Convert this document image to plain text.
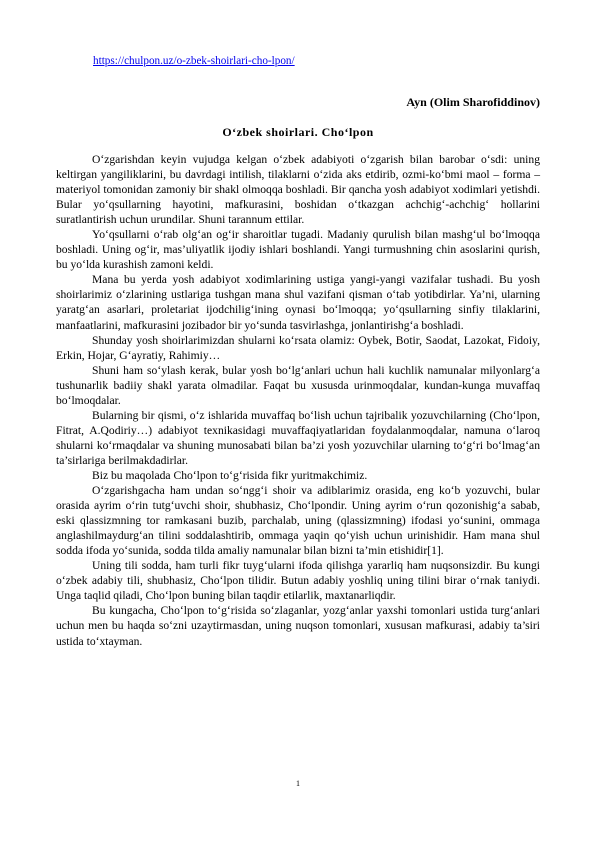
https://chulpon.uz/o-zbek-shoirlari-cho-lpon/
Ayn (Olim Sharofiddinov)
O‘zbek shoirlari. Cho‘lpon

O‘zgarishdan keyin vujudga kelgan o‘zbek adabiyoti o‘zgarish bilan barobar o‘sdi: uning keltirgan yangiliklarini, bu davrdagi intilish, tilaklarni o‘zida aks etdirib, ozmi-ko‘bmi maol – forma – materiyol tomonidan zamoniy bir shakl olmoqqa boshladi. Bir qancha yosh adabiyot xodimlari yetishdi. Bular yo‘qsullarning hayotini, mafkurasini, boshidan o‘tkazgan achchig‘-achchig‘ hollarini suratlantirish uchun urundilar. Shuni tarannum ettilar.

Yo‘qsullarni o‘rab olg‘an og‘ir sharoitlar tugadi. Madaniy qurulish bilan mashg‘ul bo‘lmoqqa boshladi. Uning og‘ir, mas’uliyatlik ijodiy ishlari boshlandi. Yangi turmushning chin asoslarini qurish, bu yo‘lda kurashish zamoni keldi.

Mana bu yerda yosh adabiyot xodimlarining ustiga yangi-yangi vazifalar tushadi. Bu yosh shoirlarimiz o‘zlarining ustlariga tushgan mana shul vazifani qisman o‘tab yotibdirlar. Ya’ni, ularning yaratg‘an asarlari, proletariat ijodchilig‘ining oynasi bo‘lmoqqa; yo‘qsullarning sinfiy tilaklarini, manfaatlarini, mafkurasini jozibador bir yo‘sunda tasvirlashga, jonlantirishg‘a boshladi.

Shunday yosh shoirlarimizdan shularni ko‘rsata olamiz: Oybek, Botir, Saodat, Lazokat, Fidoiy, Erkin, Hojar, G‘ayratiy, Rahimiy…

Shuni ham so‘ylash kerak, bular yosh bo‘lg‘anlari uchun hali kuchlik namunalar milyonlarg‘a tushunarlik badiiy shakl yarata olmadilar. Faqat bu xususda urinmoqdalar, kundan-kunga muvaffaq bo‘lmoqdalar.

Bularning bir qismi, o‘z ishlarida muvaffaq bo‘lish uchun tajribalik yozuvchilarning (Cho‘lpon, Fitrat, A.Qodiriy…) adabiyot texnikasidagi muvaffaqiyatlaridan foydalanmoqdalar, namuna o‘laroq shularni ko‘rmaqdalar va shuning munosabati bilan ba’zi yosh yozuvchilar ularning to‘g‘ri bo‘lmag‘an ta’sirlariga berilmakdadirlar.

Biz bu maqolada Cho‘lpon to‘g‘risida fikr yuritmakchimiz.

O‘zgarishgacha ham undan so‘ngg‘i shoir va adiblarimiz orasida, eng ko‘b yozuvchi, bular orasida ayrim o‘rin tutg‘uvchi shoir, shubhasiz, Cho‘lpondir. Uning ayrim o‘run qozonishig‘a sabab, eski qlassizmning tor ramkasani buzib, parchalab, uning (qlassizmning) ifodasi yo‘sunini, ommaga anglashilmaydurg‘an tilini soddalashtirib, ommaga yaqin qo‘yish uchun urinishidir. Ham mana shul sodda ifoda yo‘sunida, sodda tilda amaliy namunalar bilan bizni ta’min etishidir[1].

Uning tili sodda, ham turli fikr tuyg‘ularni ifoda qilishga yararliq ham nuqsonsizdir. Bu kungi o‘zbek adabiy tili, shubhasiz, Cho‘lpon tilidir. Butun adabiy yoshliq uning tilini birar o‘rnak taniydi. Unga taqlid qiladi, Cho‘lpon buning bilan taqdir etilarlik, maxtanarliqdir.

Bu kungacha, Cho‘lpon to‘g‘risida so‘zlaganlar, yozg‘anlar yaxshi tomonlari ustida turg‘anlari uchun men bu haqda so‘zni uzaytirmasdan, uning nuqson tomonlari, xususan mafkurasi, adabiy ta’siri ustida to‘xtayman.

1
